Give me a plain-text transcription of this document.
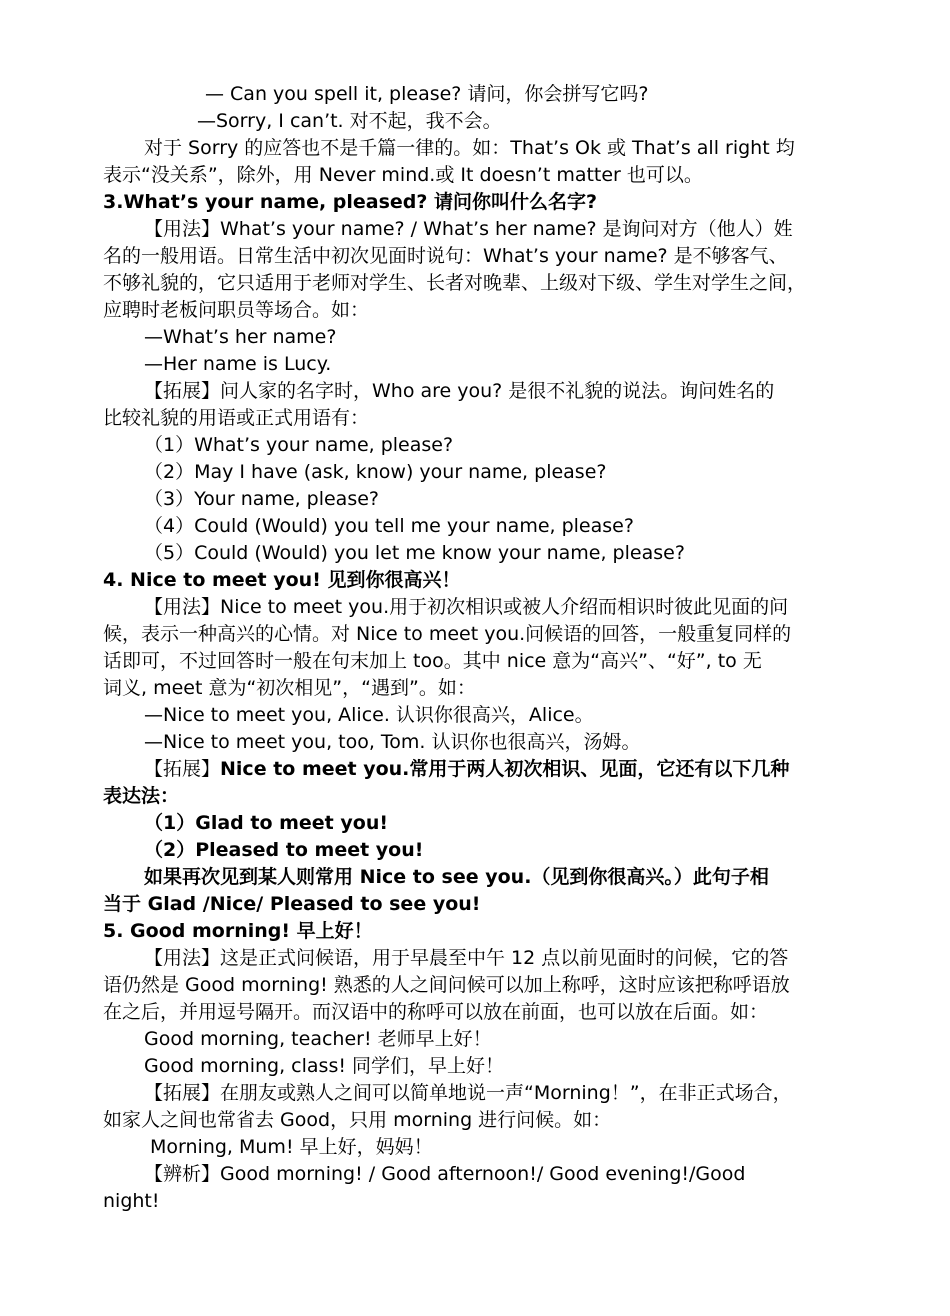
— Can you spell it, please? 请问，你会拼写它吗?
—Sorry, I can’t. 对不起，我不会。
对于 Sorry 的应答也不是千篇一律的。如：That’s Ok 或 That’s all right 均
表示“没关系”，除外，用 Never mind.或 It doesn’t matter 也可以。
3.What’s your name, pleased? 请问你叫什么名字?
【用法】What’s your name? / What’s her name? 是询问对方（他人）姓
名的一般用语。日常生活中初次见面时说句：What’s your name? 是不够客气、
不够礼貌的，它只适用于老师对学生、长者对晚辈、上级对下级、学生对学生之间，
应聘时老板问职员等场合。如：
—What’s her name?
—Her name is Lucy.
【拓展】问人家的名字时，Who are you? 是很不礼貌的说法。询问姓名的
比较礼貌的用语或正式用语有：
（1）What’s your name, please?
（2）May I have (ask, know) your name, please?
（3）Your name, please?
（4）Could (Would) you tell me your name, please?
（5）Could (Would) you let me know your name, please?
4. Nice to meet you! 见到你很高兴！
【用法】Nice to meet you.用于初次相识或被人介绍而相识时彼此见面的问
候，表示一种高兴的心情。对 Nice to meet you.问候语的回答，一般重复同样的
话即可，不过回答时一般在句末加上 too。其中 nice 意为“高兴”、“好”, to 无
词义, meet 意为“初次相见”，“遇到”。如：
—Nice to meet you, Alice. 认识你很高兴，Alice。
—Nice to meet you, too, Tom. 认识你也很高兴，汤姆。
【拓展】Nice to meet you.常用于两人初次相识、见面，它还有以下几种
表达法：
（1）Glad to meet you!
（2）Pleased to meet you!
如果再次见到某人则常用 Nice to see you.（见到你很高兴。）此句子相
当于 Glad /Nice/ Pleased to see you!
5. Good morning! 早上好！
【用法】这是正式问候语，用于早晨至中午 12 点以前见面时的问候，它的答
语仍然是 Good morning! 熟悉的人之间问候可以加上称呼，这时应该把称呼语放
在之后，并用逗号隔开。而汉语中的称呼可以放在前面，也可以放在后面。如：
Good morning, teacher! 老师早上好！
Good morning, class! 同学们，早上好！
【拓展】在朋友或熟人之间可以简单地说一声“Morning！”，在非正式场合，
如家人之间也常省去 Good，只用 morning 进行问候。如：
Morning, Mum! 早上好，妈妈！
【辨析】Good morning! / Good afternoon!/ Good evening!/Good
night!
